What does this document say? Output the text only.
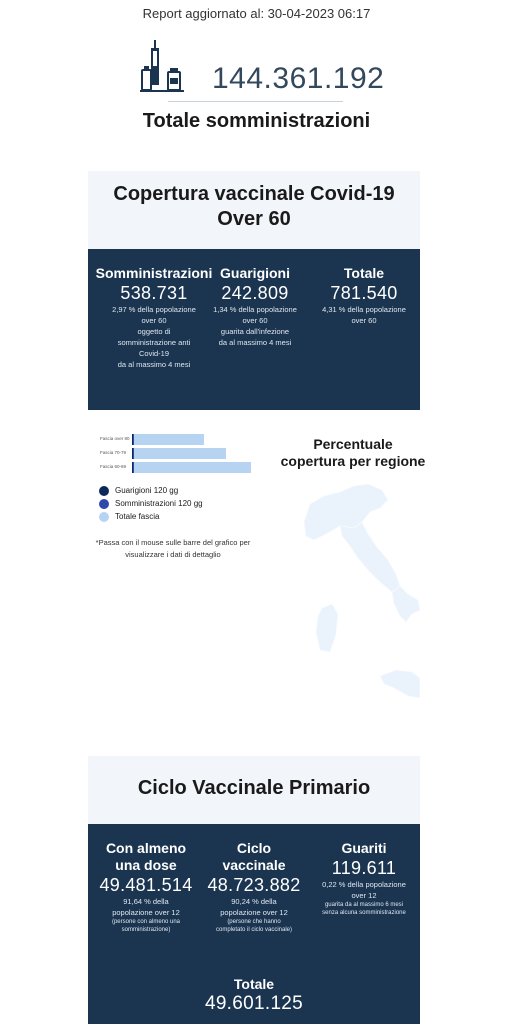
Report aggiornato al: 30-04-2023 06:17
144.361.192
Totale somministrazioni
Copertura vaccinale Covid-19
Over 60
Somministrazioni
538.731
2,97 % della popolazione
over 60
oggetto di
somministrazione anti
Covid-19
da al massimo 4 mesi
Guarigioni
242.809
1,34 % della popolazione
over 60
guarita dall'infezione
da al massimo 4 mesi
Totale
781.540
4,31 % della popolazione
over 60
Fascia over 80
Fascia 70-79
Fascia 60-69
Guarigioni 120 gg
Somministrazioni 120 gg
Totale fascia
*Passa con il mouse sulle barre del grafico per
visualizzare i dati di dettaglio
Percentuale
copertura per regione
Ciclo Vaccinale Primario
Con almeno
una dose
49.481.514
91,64 % della
popolazione over 12
(persone con almeno una
somministrazione)
Ciclo
vaccinale
48.723.882
90,24 % della
popolazione over 12
(persone che hanno
completato il ciclo vaccinale)
Guariti
119.611
0,22 % della popolazione
over 12
guarita da al massimo 6 mesi
senza alcuna somministrazione
Totale
49.601.125
